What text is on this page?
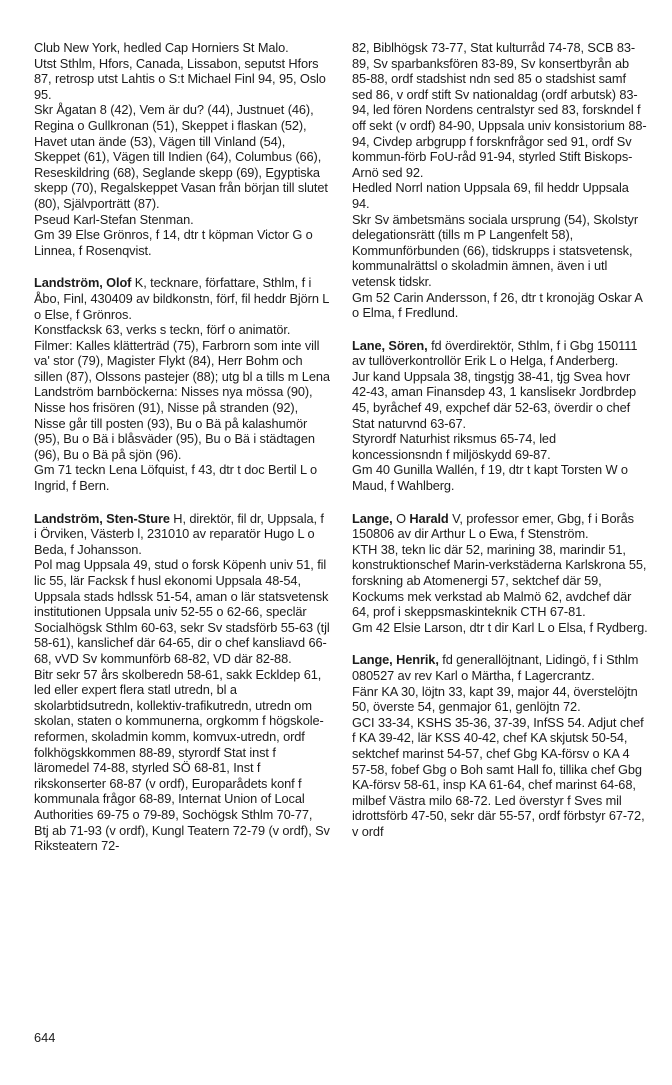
Club New York, hedled Cap Horniers St Malo.

Utst Sthlm, Hfors, Canada, Lissabon, seputst Hfors 87, retrosp utst Lahtis o S:t Michael Finl 94, 95, Oslo 95.

Skr Ågatan 8 (42), Vem är du? (44), Justnuet (46), Regina o Gullkronan (51), Skeppet i flaskan (52), Havet utan ände (53), Vägen till Vinland (54), Skeppet (61), Vägen till Indien (64), Columbus (66), Reseskildring (68), Seglande skepp (69), Egyptiska skepp (70), Regalskeppet Vasan från början till slutet (80), Självporträtt (87).

Pseud Karl-Stefan Stenman.

Gm 39 Else Grönros, f 14, dtr t köpman Victor G o Linnea, f Rosenqvist.

Landström, Olof K, tecknare, författare, Sthlm, f i Åbo, Finl, 430409 av bildkonstn, förf, fil heddr Björn L o Else, f Grönros.

Konstfacksk 63, verks s teckn, förf o animatör.

Filmer: Kalles klätterträd (75), Farbrorn som inte vill va' stor (79), Magister Flykt (84), Herr Bohm och sillen (87), Olssons pastejer (88); utg bl a tills m Lena Landström barnböckerna: Nisses nya mössa (90), Nisse hos frisören (91), Nisse på stranden (92), Nisse går till posten (93), Bu o Bä på kalashumör (95), Bu o Bä i blåsväder (95), Bu o Bä i städtagen (96), Bu o Bä på sjön (96).

Gm 71 teckn Lena Löfquist, f 43, dtr t doc Bertil L o Ingrid, f Bern.

Landström, Sten-Sture H, direktör, fil dr, Uppsala, f i Örviken, Västerb l, 231010 av reparatör Hugo L o Beda, f Johansson.

Pol mag Uppsala 49, stud o forsk Köpenh univ 51, fil lic 55, lär Facksk f husl ekonomi Uppsala 48-54, Uppsala stads hdlssk 51-54, aman o lär statsvetensk institutionen Uppsala univ 52-55 o 62-66, speclär Socialhögsk Sthlm 60-63, sekr Sv stadsförb 55-63 (tjl 58-61), kanslichef där 64-65, dir o chef kansliavd 66-68, vVD Sv kommunförb 68-82, VD där 82-88.

Bitr sekr 57 års skolberedn 58-61, sakk Eckldep 61, led eller expert flera statl utredn, bl a skolarbtidsutredn, kollektiv-trafikutredn, utredn om skolan, staten o kommunerna, orgkomm f högskole-reformen, skoladmin komm, komvux-utredn, ordf folkhögskkommen 88-89, styrordf Stat inst f läromedel 74-88, styrled SÖ 68-81, Inst f rikskonserter 68-87 (v ordf), Europarådets konf f kommunala frågor 68-89, Internat Union of Local Authorities 69-75 o 79-89, Sochögsk Sthlm 70-77, Btj ab 71-93 (v ordf), Kungl Teatern 72-79 (v ordf), Sv Riksteatern 72-

82, Biblhögsk 73-77, Stat kulturråd 74-78, SCB 83-89, Sv sparbanksfören 83-89, Sv konsertbyrån ab 85-88, ordf stadshist ndn sed 85 o stadshist samf sed 86, v ordf stift Sv nationaldag (ordf arbutsk) 83-94, led fören Nordens centralstyr sed 83, forskndel f off sekt (v ordf) 84-90, Uppsala univ konsistorium 88-94, Civdep arbgrupp f forsknfrågor sed 91, ordf Sv kommun-förb FoU-råd 91-94, styrled Stift Biskops-Arnö sed 92.

Hedled Norrl nation Uppsala 69, fil heddr Uppsala 94.

Skr Sv ämbetsmäns sociala ursprung (54), Skolstyr delegationsrätt (tills m P Langenfelt 58), Kommunförbunden (66), tidskrupps i statsvetensk, kommunalrättsl o skoladmin ämnen, även i utl vetensk tidskr.

Gm 52 Carin Andersson, f 26, dtr t kronojäg Oskar A o Elma, f Fredlund.

Lane, Sören, fd överdirektör, Sthlm, f i Gbg 150111 av tullöverkontrollör Erik L o Helga, f Anderberg.

Jur kand Uppsala 38, tingstjg 38-41, tjg Svea hovr 42-43, aman Finansdep 43, 1 kanslisekr Jordbrdep 45, byråchef 49, expchef där 52-63, överdir o chef Stat naturvnd 63-67.

Styrordf Naturhist riksmus 65-74, led koncessionsndn f miljöskydd 69-87.

Gm 40 Gunilla Wallén, f 19, dtr t kapt Torsten W o Maud, f Wahlberg.

Lange, O Harald V, professor emer, Gbg, f i Borås 150806 av dir Arthur L o Ewa, f Stenström.

KTH 38, tekn lic där 52, marining 38, marindir 51, konstruktionschef Marin-verkstäderna Karlskrona 55, forskning ab Atomenergi 57, sektchef där 59, Kockums mek verkstad ab Malmö 62, avdchef där 64, prof i skeppsmaskinteknik CTH 67-81.

Gm 42 Elsie Larson, dtr t dir Karl L o Elsa, f Rydberg.

Lange, Henrik, fd generallöjtnant, Lidingö, f i Sthlm 080527 av rev Karl o Märtha, f Lagercrantz.

Fänr KA 30, löjtn 33, kapt 39, major 44, överstelöjtn 50, överste 54, genmajor 61, genlöjtn 72.

GCI 33-34, KSHS 35-36, 37-39, InfSS 54. Adjut chef f KA 39-42, lär KSS 40-42, chef KA skjutsk 50-54, sektchef marinst 54-57, chef Gbg KA-försv o KA 4 57-58, fobef Gbg o Boh samt Hall fo, tillika chef Gbg KA-försv 58-61, insp KA 61-64, chef marinst 64-68, milbef Västra milo 68-72. Led överstyr f Sves mil idrottsförb 47-50, sekr där 55-57, ordf förbstyr 67-72, v ordf

644
